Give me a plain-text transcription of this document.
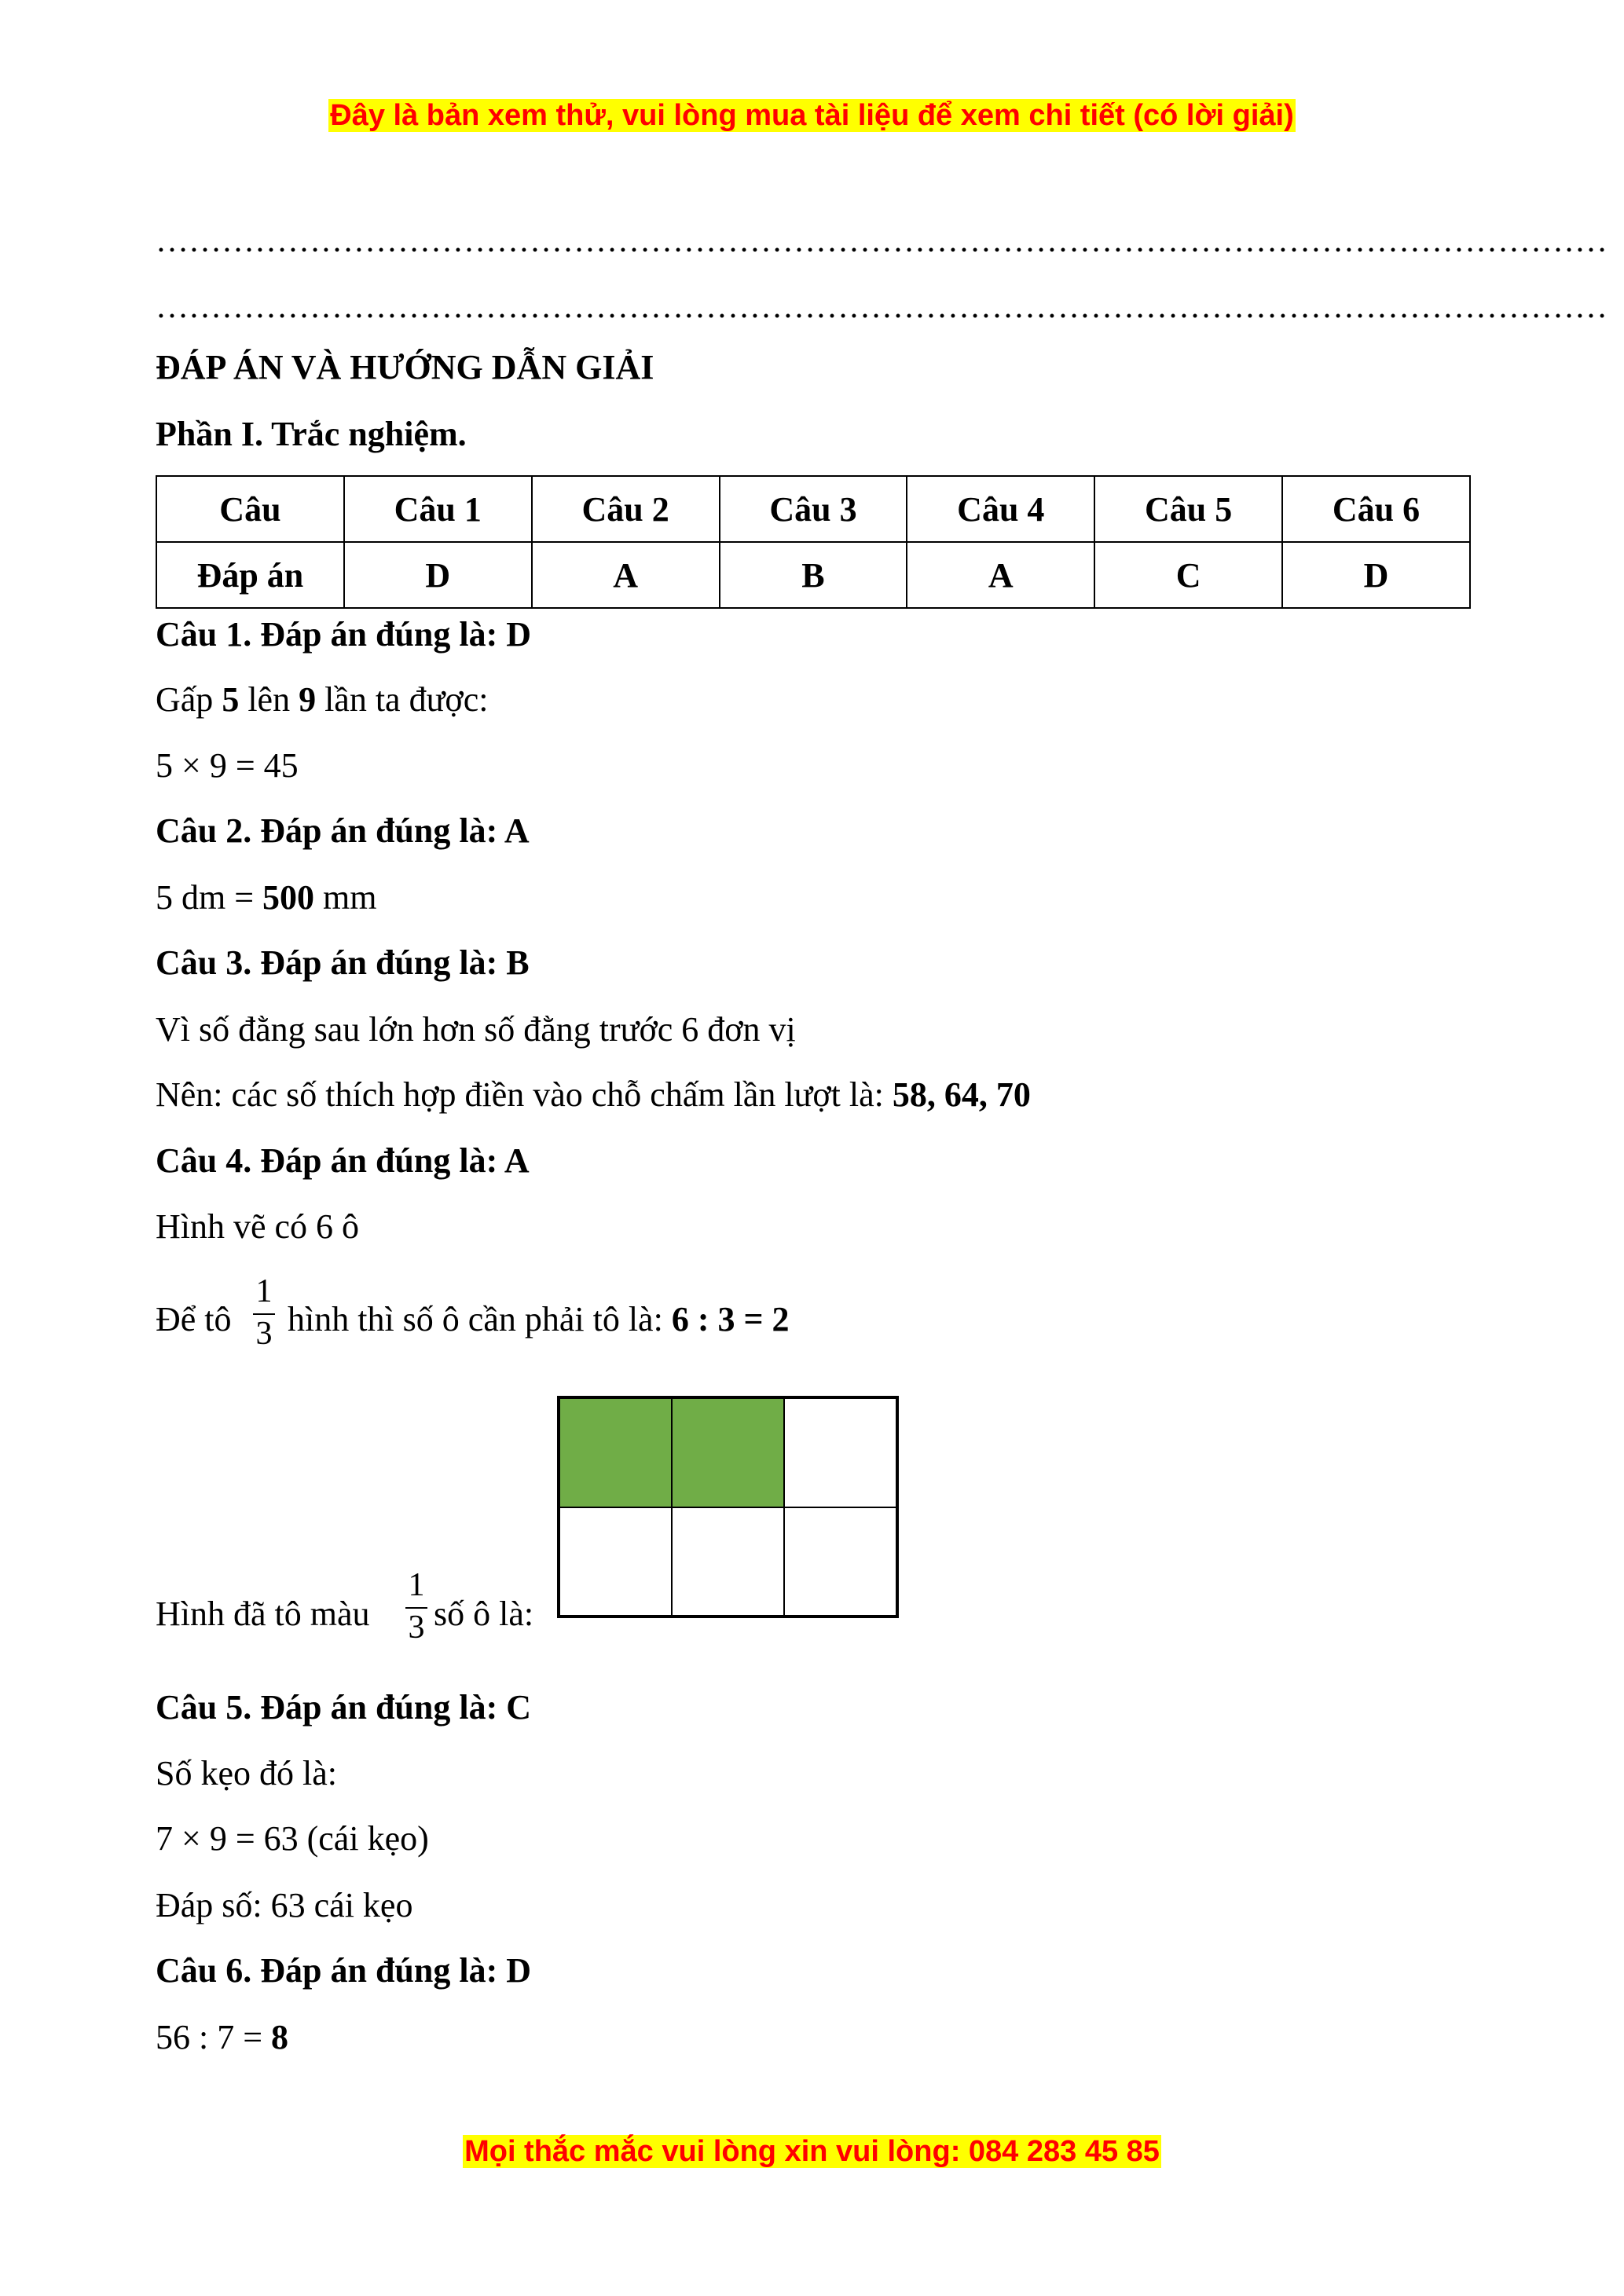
Đây là bản xem thử, vui lòng mua tài liệu để xem chi tiết (có lời giải)
……………………………………………………………………………………………………………………
……………………………………………………………………………………………………………………
ĐÁP ÁN VÀ HƯỚNG DẪN GIẢI
Phần I. Trắc nghiệm.
Câu	Câu 1	Câu 2	Câu 3	Câu 4	Câu 5	Câu 6
Đáp án	D	A	B	A	C	D
Câu 1. Đáp án đúng là: D
Gấp 5 lên 9 lần ta được:
5 × 9 = 45
Câu 2. Đáp án đúng là: A
5 dm = 500 mm
Câu 3. Đáp án đúng là: B
Vì số đằng sau lớn hơn số đằng trước 6 đơn vị
Nên: các số thích hợp điền vào chỗ chấm lần lượt là: 58, 64, 70
Câu 4. Đáp án đúng là: A
Hình vẽ có 6 ô
Để tô
1
3 hình thì số ô cần phải tô là: 6 : 3 = 2
Hình đã tô màu
1
3 số ô là:
Câu 5. Đáp án đúng là: C
Số kẹo đó là:
7 × 9 = 63 (cái kẹo)
Đáp số: 63 cái kẹo
Câu 6. Đáp án đúng là: D
56 : 7 = 8
Mọi thắc mắc vui lòng xin vui lòng: 084 283 45 85
